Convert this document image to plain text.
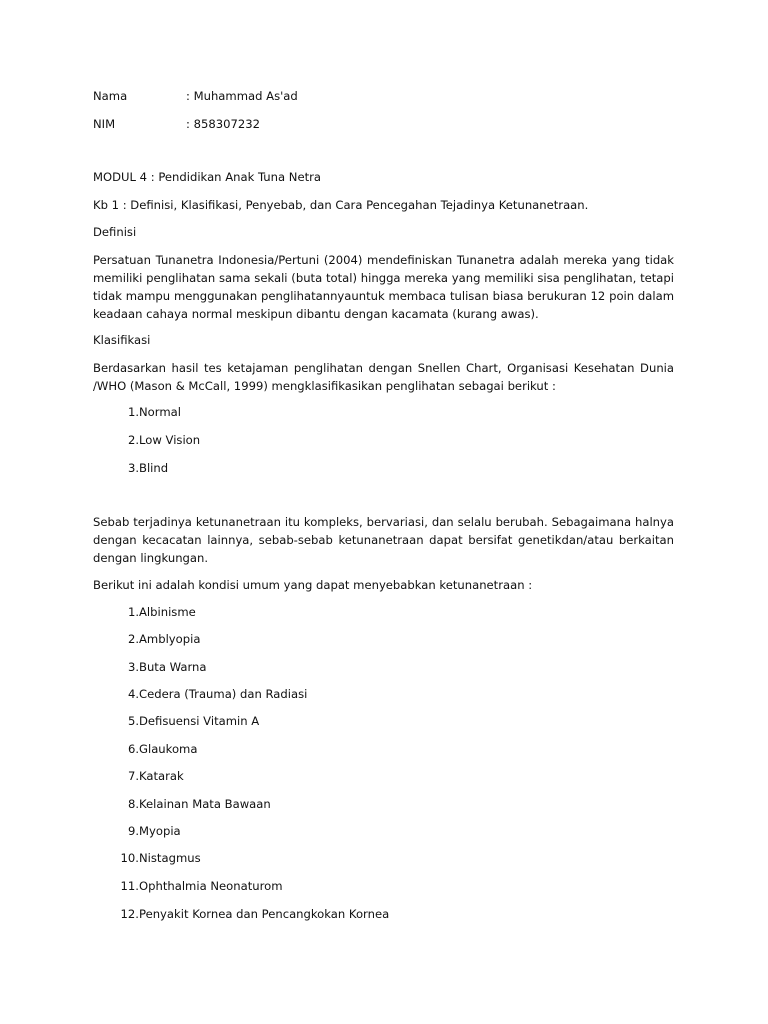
Nama	: Muhammad As'ad
NIM	: 858307232
MODUL 4 : Pendidikan Anak Tuna Netra
Kb 1 : Definisi, Klasifikasi, Penyebab, dan Cara Pencegahan Tejadinya Ketunanetraan.
Definisi
Persatuan Tunanetra Indonesia/Pertuni (2004) mendefiniskan Tunanetra adalah mereka yang tidak
memiliki penglihatan sama sekali (buta total) hingga mereka yang memiliki sisa penglihatan, tetapi
tidak mampu menggunakan penglihatannyauntuk membaca tulisan biasa berukuran 12 poin dalam
keadaan cahaya normal meskipun dibantu dengan kacamata (kurang awas).
Klasifikasi
Berdasarkan hasil tes ketajaman penglihatan dengan Snellen Chart, Organisasi Kesehatan Dunia
/WHO (Mason & McCall, 1999) mengklasifikasikan penglihatan sebagai berikut :
1. Normal
2. Low Vision
3. Blind
Sebab terjadinya ketunanetraan itu kompleks, bervariasi, dan selalu berubah. Sebagaimana halnya
dengan kecacatan lainnya, sebab-sebab ketunanetraan dapat bersifat genetikdan/atau berkaitan
dengan lingkungan.
Berikut ini adalah kondisi umum yang dapat menyebabkan ketunanetraan :
1. Albinisme
2. Amblyopia
3. Buta Warna
4. Cedera (Trauma) dan Radiasi
5. Defisuensi Vitamin A
6. Glaukoma
7. Katarak
8. Kelainan Mata Bawaan
9. Myopia
10. Nistagmus
11. Ophthalmia Neonaturom
12. Penyakit Kornea dan Pencangkokan Kornea
